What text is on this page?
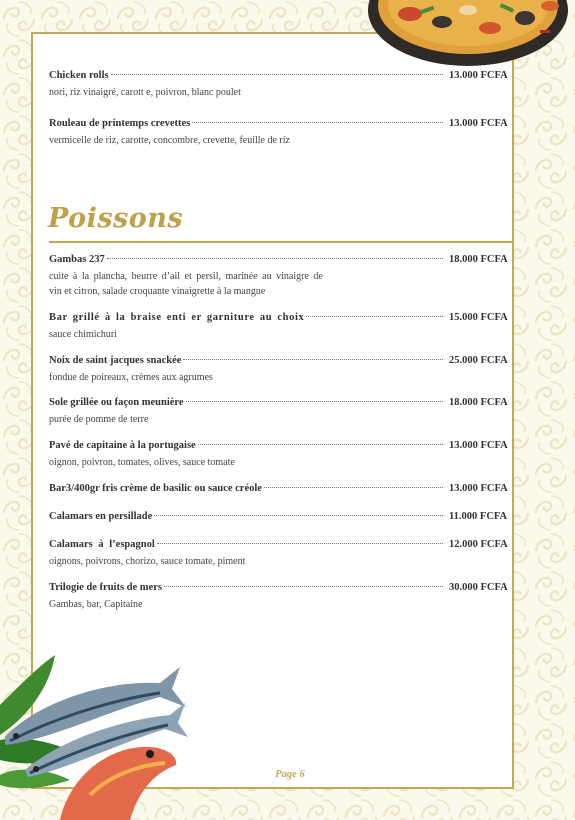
Chicken rolls	13.000 FCFA
nori, riz vinaigré, carott e, poivron, blanc poulet
Rouleau de printemps crevettes	13.000 FCFA
vermicelle de riz, carotte, concombre, crevette, feuille de riz
Poissons
Gambas 237	18.000 FCFA
cuite à la plancha, beurre d’ail et persil, marinée au vinaigre de
vin et citron, salade croquante vinaigrette à la mangue
Bar grillé à la braise enti er garniture au choix	15.000 FCFA
sauce chimichuri
Noix de saint jacques snackée	25.000 FCFA
fondue de poireaux, crèmes aux agrumes
Sole grillée ou façon meunière	18.000 FCFA
purée de pomme de terre
Pavé de capitaine à la portugaise	13.000 FCFA
oignon, poivron, tomates, olives, sauce tomate
Bar3/400gr fris crème de basilic ou sauce créole	13.000 FCFA
Calamars en persillade	11.000 FCFA
Calamars à l’espagnol	12.000 FCFA
oignons, poivrons, chorizo, sauce tomate, piment
Trilogie de fruits de mers	30.000 FCFA
Gambas, bar, Capitaine
Page 6
